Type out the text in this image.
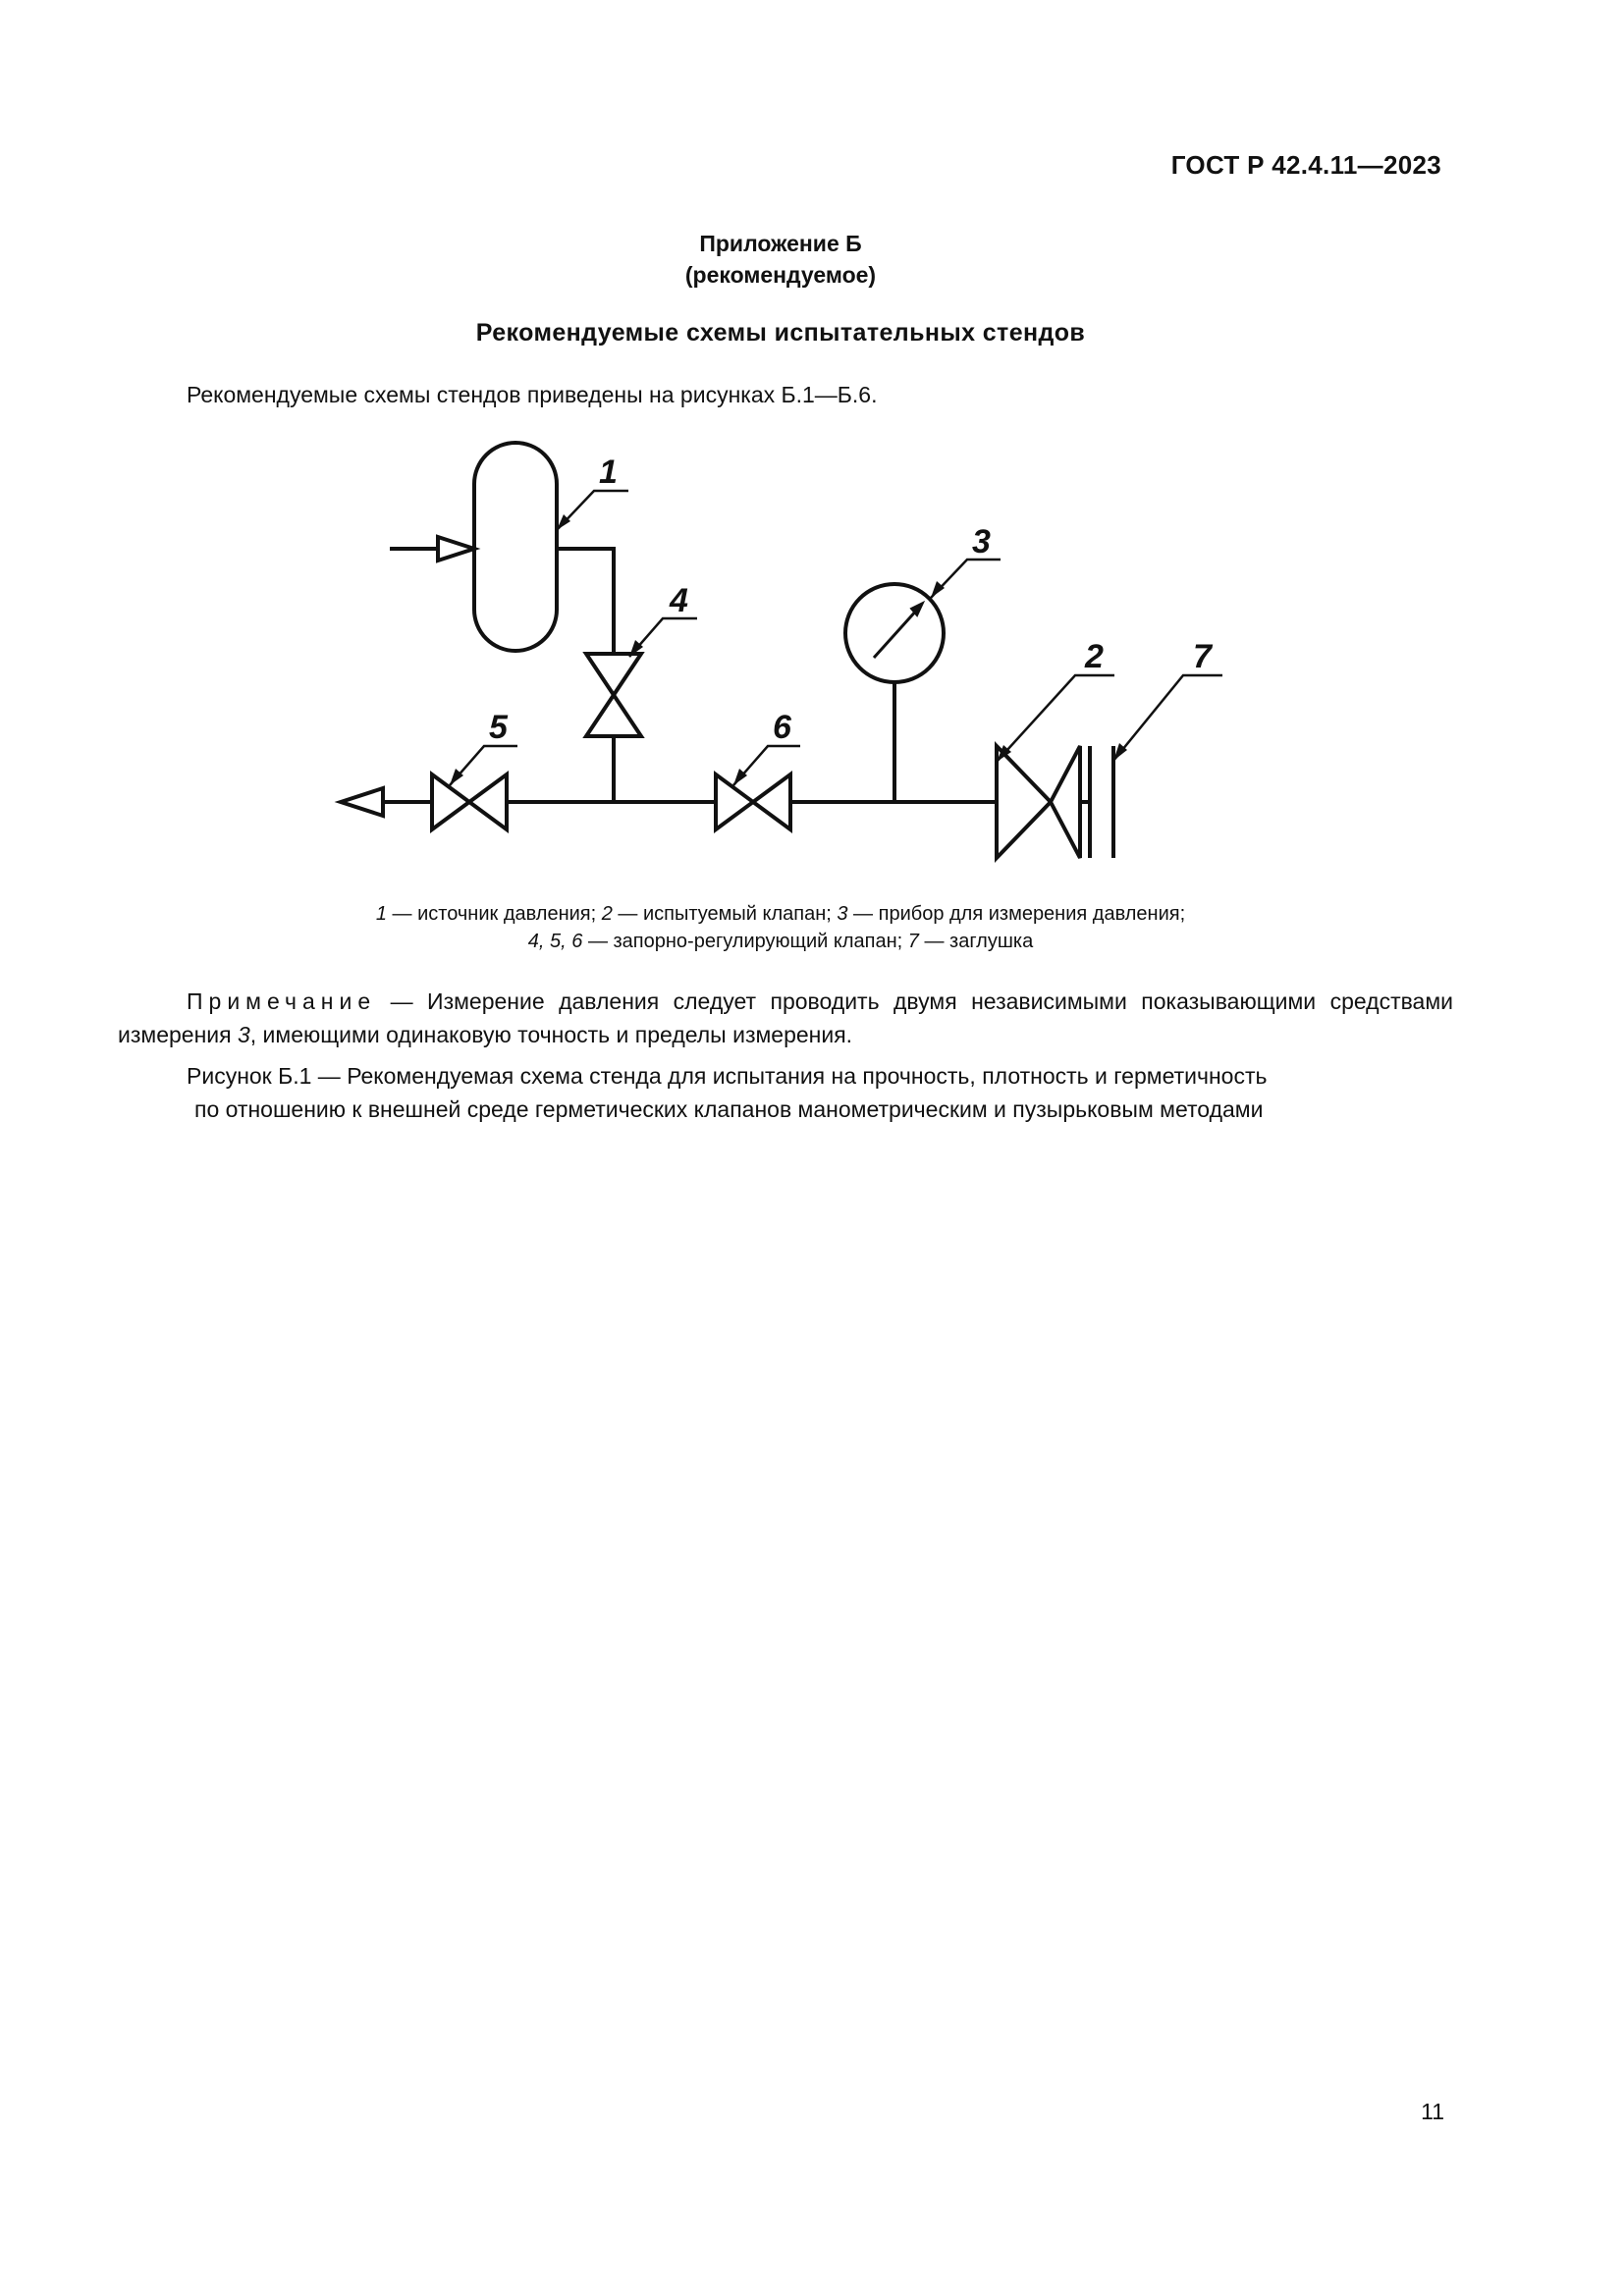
ГОСТ Р 42.4.11—2023
Приложение Б
(рекомендуемое)
Рекомендуемые схемы испытательных стендов
Рекомендуемые схемы стендов приведены на рисунках Б.1—Б.6.
1
2
3
4
5	6
7
1 — источник давления; 2 — испытуемый клапан; 3 — прибор для измерения давления;
4, 5, 6 — запорно-регулирующий клапан; 7 — заглушка
Примечание — Измерение давления следует проводить двумя независимыми показывающими средствами измерения 3, имеющими одинаковую точность и пределы измерения.
Рисунок Б.1 — Рекомендуемая схема стенда для испытания на прочность, плотность и герметичность
по отношению к внешней среде герметических клапанов манометрическим и пузырьковым методами
11
